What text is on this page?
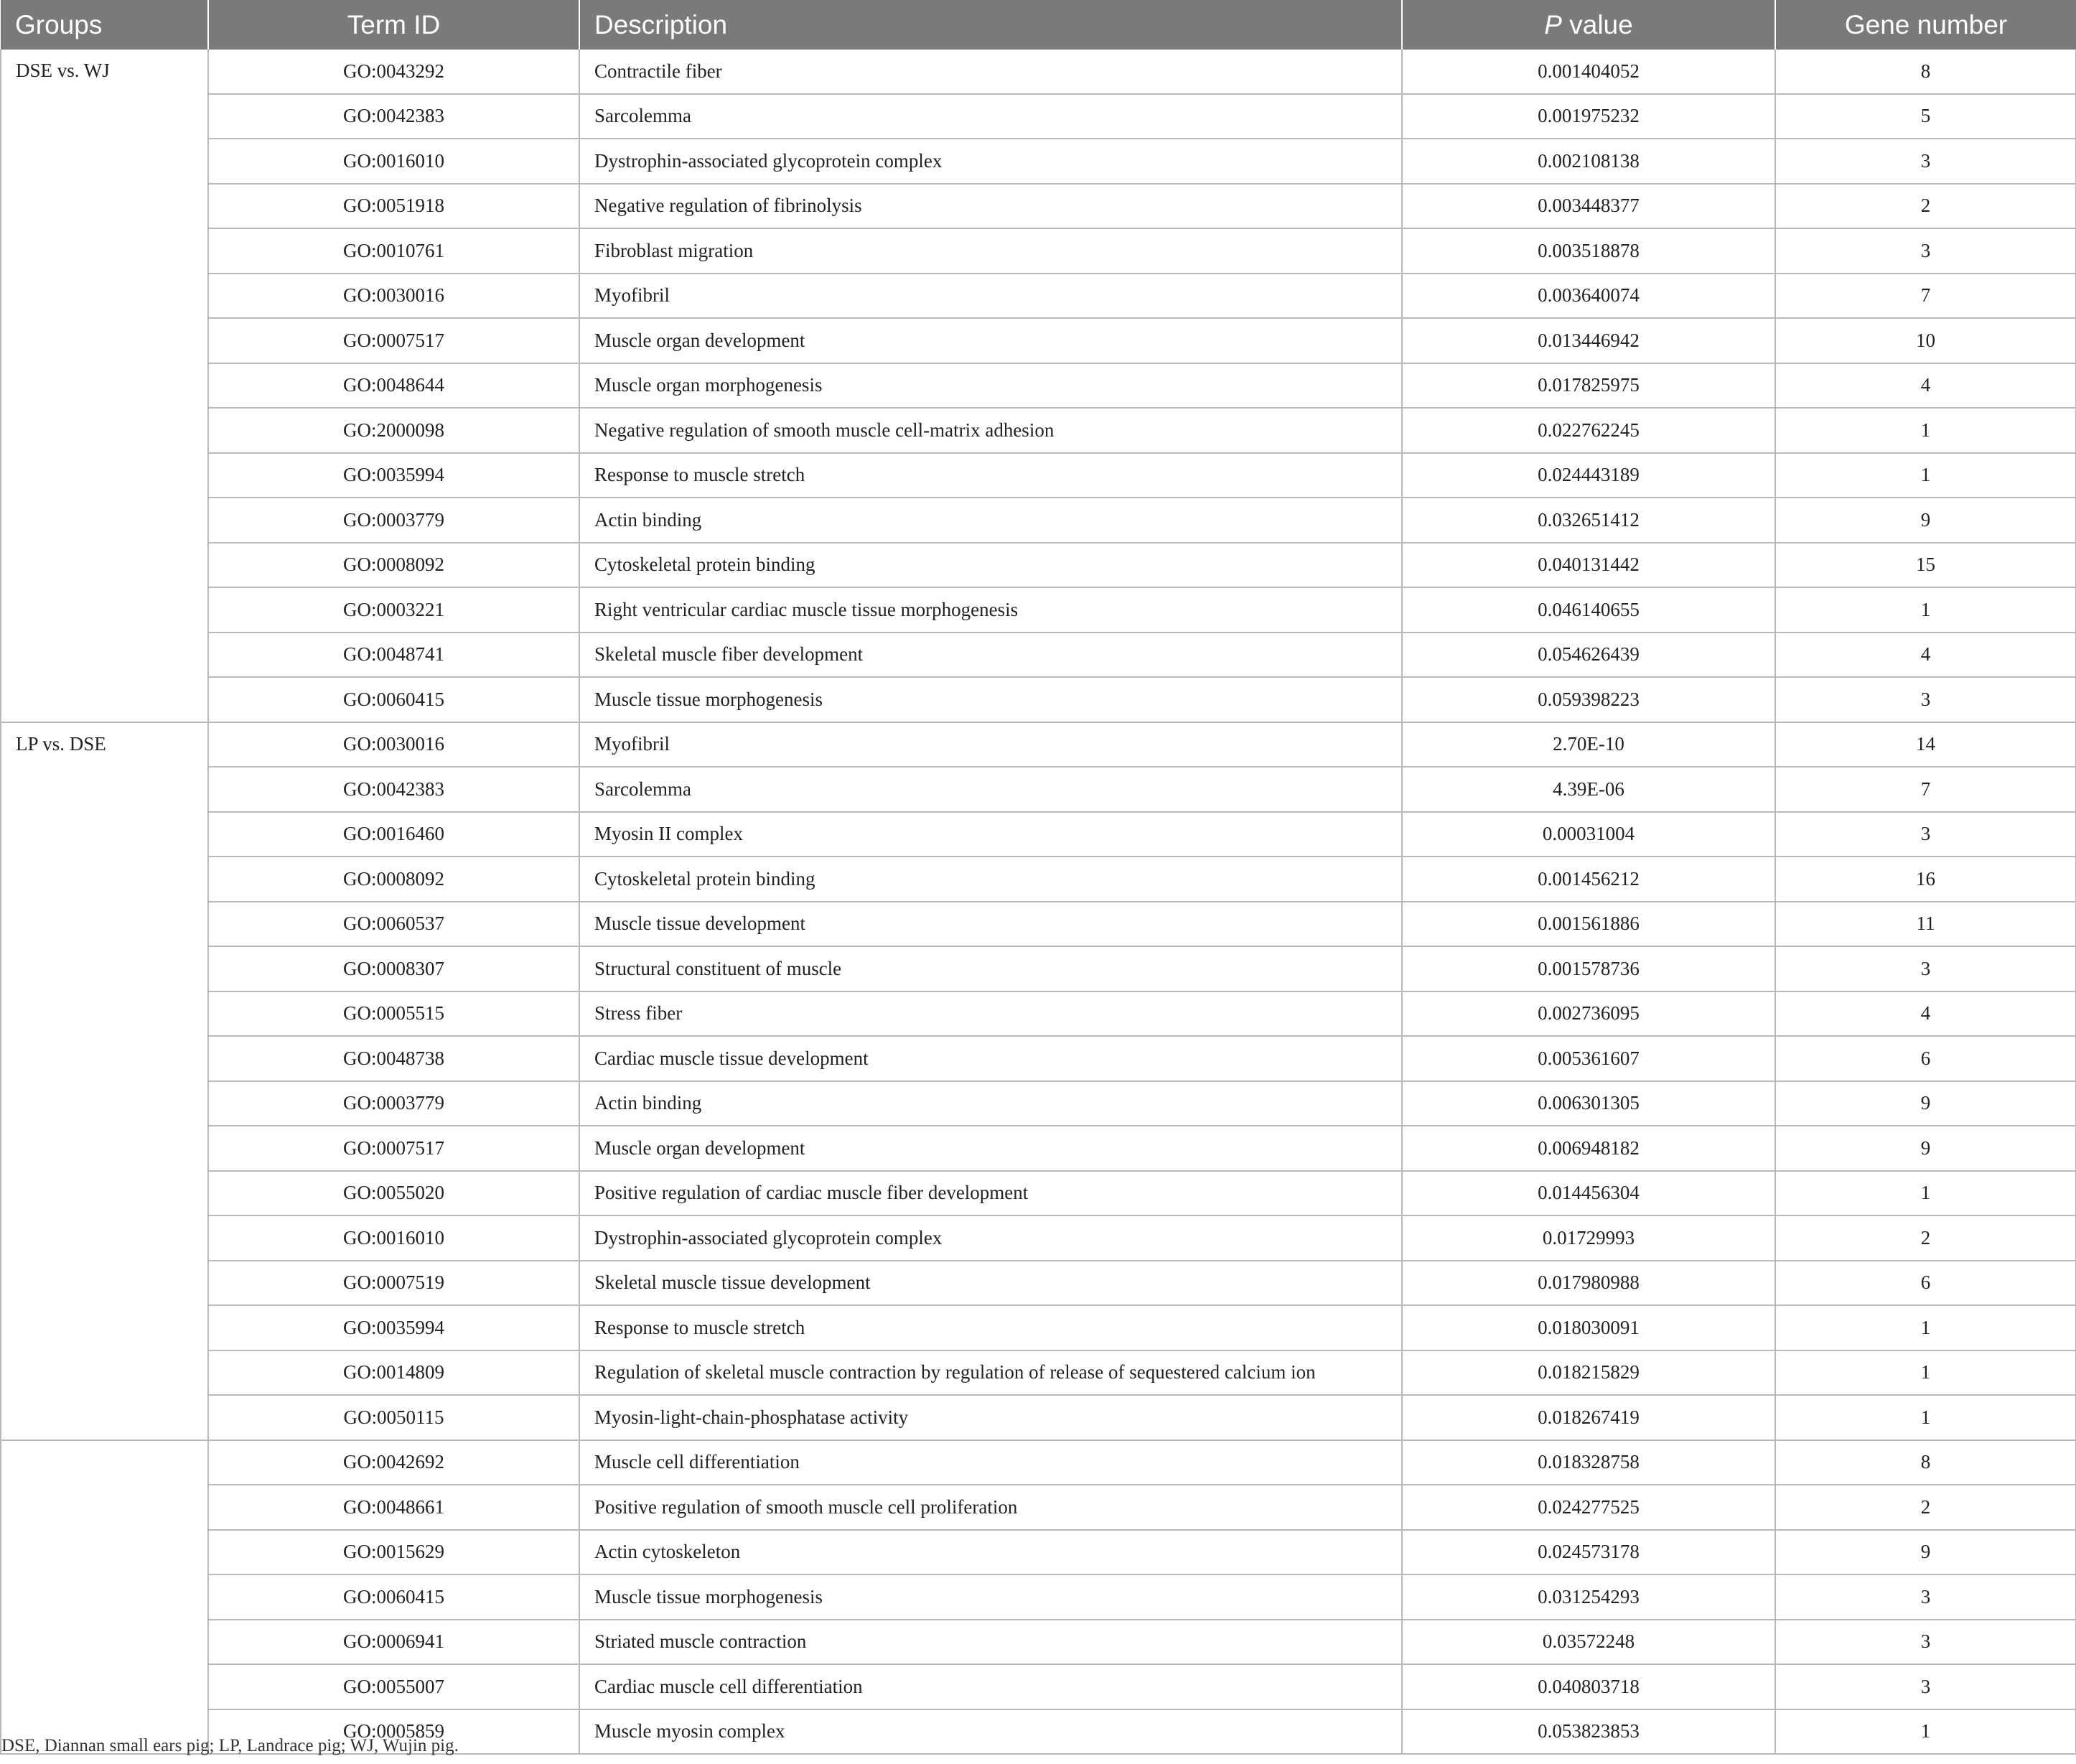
Groups	Term ID	Description	P value	Gene number
DSE vs. WJ	GO:0043292	Contractile fiber	0.001404052	8
	GO:0042383	Sarcolemma	0.001975232	5
	GO:0016010	Dystrophin-associated glycoprotein complex	0.002108138	3
	GO:0051918	Negative regulation of fibrinolysis	0.003448377	2
	GO:0010761	Fibroblast migration	0.003518878	3
	GO:0030016	Myofibril	0.003640074	7
	GO:0007517	Muscle organ development	0.013446942	10
	GO:0048644	Muscle organ morphogenesis	0.017825975	4
	GO:2000098	Negative regulation of smooth muscle cell-matrix adhesion	0.022762245	1
	GO:0035994	Response to muscle stretch	0.024443189	1
	GO:0003779	Actin binding	0.032651412	9
	GO:0008092	Cytoskeletal protein binding	0.040131442	15
	GO:0003221	Right ventricular cardiac muscle tissue morphogenesis	0.046140655	1
	GO:0048741	Skeletal muscle fiber development	0.054626439	4
	GO:0060415	Muscle tissue morphogenesis	0.059398223	3
LP vs. DSE	GO:0030016	Myofibril	2.70E-10	14
	GO:0042383	Sarcolemma	4.39E-06	7
	GO:0016460	Myosin II complex	0.00031004	3
	GO:0008092	Cytoskeletal protein binding	0.001456212	16
	GO:0060537	Muscle tissue development	0.001561886	11
	GO:0008307	Structural constituent of muscle	0.001578736	3
	GO:0005515	Stress fiber	0.002736095	4
	GO:0048738	Cardiac muscle tissue development	0.005361607	6
	GO:0003779	Actin binding	0.006301305	9
	GO:0007517	Muscle organ development	0.006948182	9
	GO:0055020	Positive regulation of cardiac muscle fiber development	0.014456304	1
	GO:0016010	Dystrophin-associated glycoprotein complex	0.01729993	2
	GO:0007519	Skeletal muscle tissue development	0.017980988	6
	GO:0035994	Response to muscle stretch	0.018030091	1
	GO:0014809	Regulation of skeletal muscle contraction by regulation of release of sequestered calcium ion	0.018215829	1
	GO:0050115	Myosin-light-chain-phosphatase activity	0.018267419	1
	GO:0042692	Muscle cell differentiation	0.018328758	8
	GO:0048661	Positive regulation of smooth muscle cell proliferation	0.024277525	2
	GO:0015629	Actin cytoskeleton	0.024573178	9
	GO:0060415	Muscle tissue morphogenesis	0.031254293	3
	GO:0006941	Striated muscle contraction	0.03572248	3
	GO:0055007	Cardiac muscle cell differentiation	0.040803718	3
	GO:0005859	Muscle myosin complex	0.053823853	1
DSE, Diannan small ears pig; LP, Landrace pig; WJ, Wujin pig.
